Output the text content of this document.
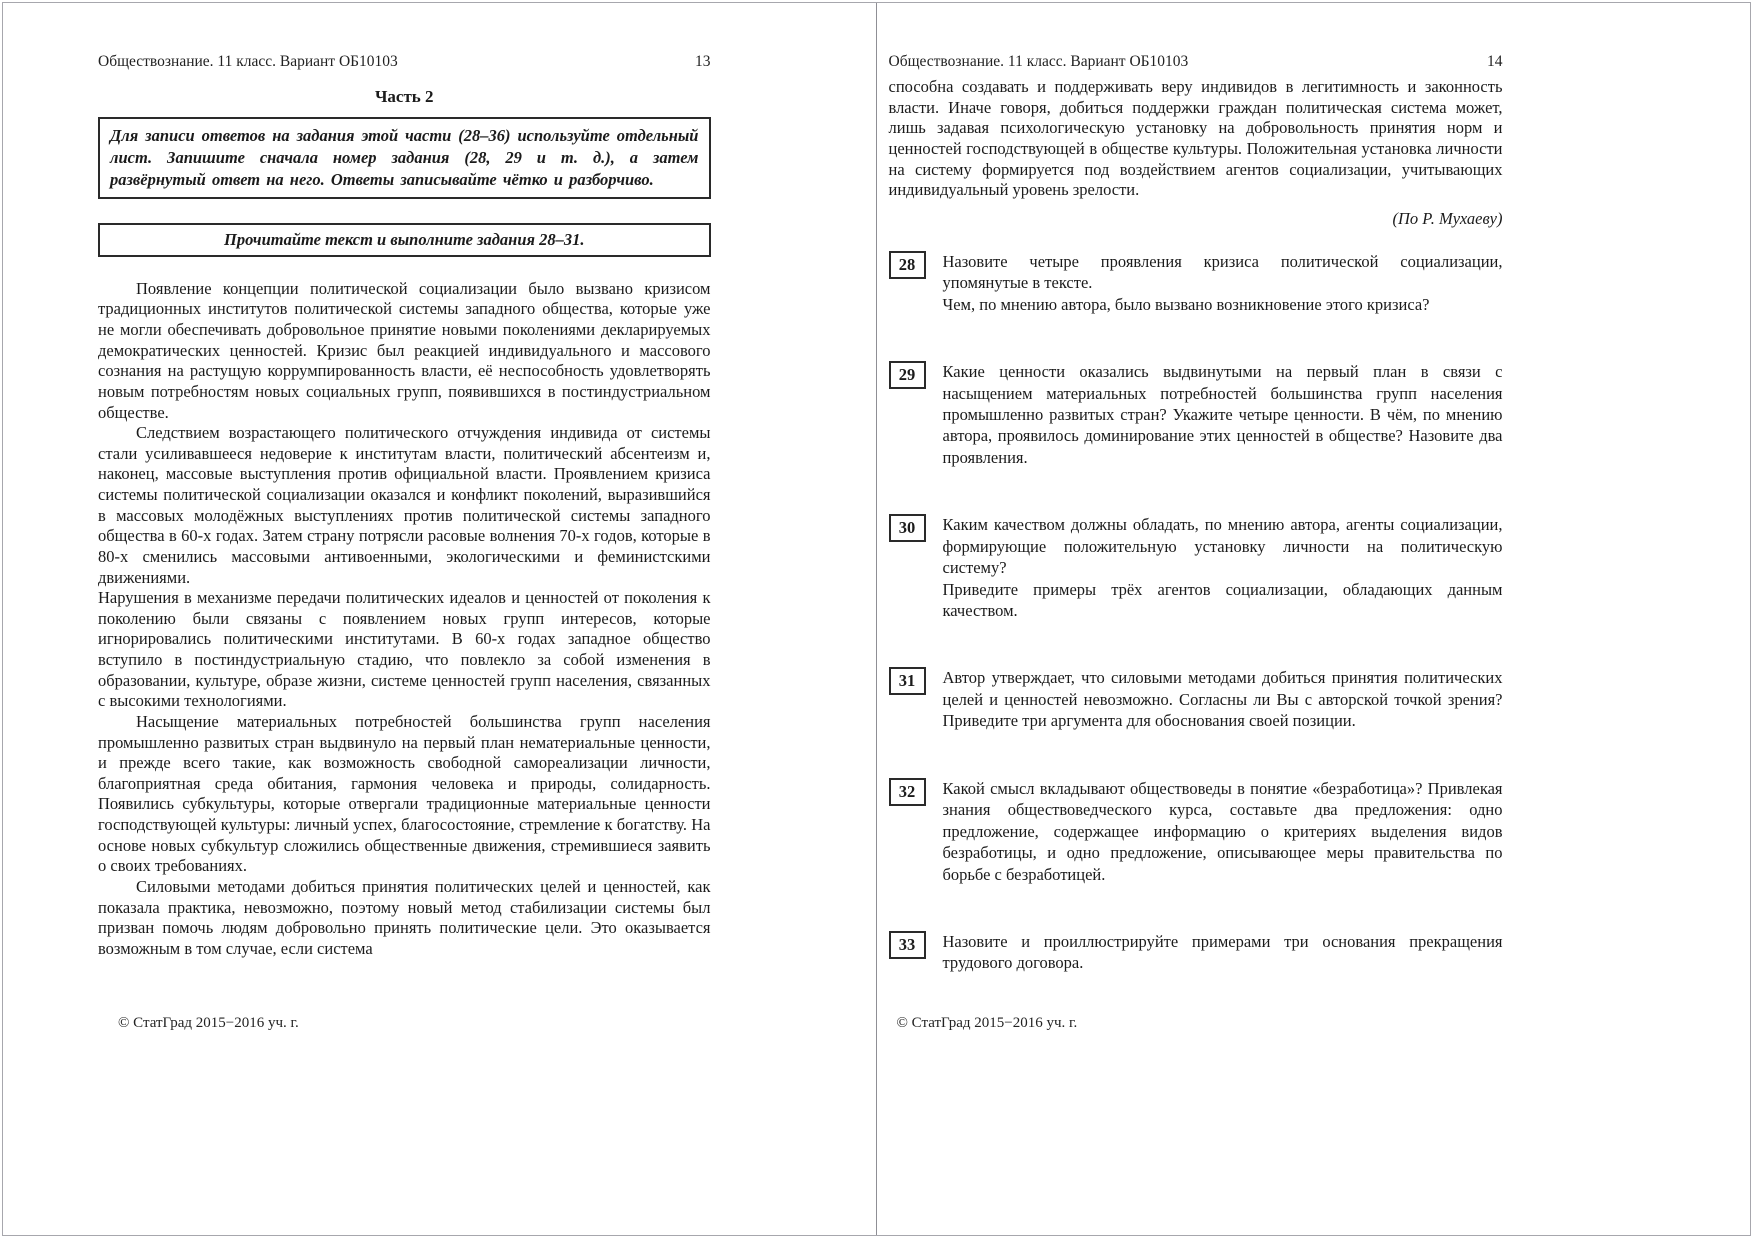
Обществознание. 11 класс. Вариант ОБ10103	13
Часть 2

Для записи ответов на задания этой части (28–36) используйте отдельный лист. Запишите сначала номер задания (28, 29 и т. д.), а затем развёрнутый ответ на него. Ответы записывайте чётко и разборчиво.

Прочитайте текст и выполните задания 28–31.

Появление концепции политической социализации было вызвано кризисом традиционных институтов политической системы западного общества, которые уже не могли обеспечивать добровольное принятие новыми поколениями декларируемых демократических ценностей. Кризис был реакцией индивидуального и массового сознания на растущую коррумпированность власти, её неспособность удовлетворять новым потребностям новых социальных групп, появившихся в постиндустриальном обществе.

Следствием возрастающего политического отчуждения индивида от системы стали усиливавшееся недоверие к институтам власти, политический абсентеизм и, наконец, массовые выступления против официальной власти. Проявлением кризиса системы политической социализации оказался и конфликт поколений, выразившийся в массовых молодёжных выступлениях против политической системы западного общества в 60-х годах. Затем страну потрясли расовые волнения 70-х годов, которые в 80-х сменились массовыми антивоенными, экологическими и феминистскими движениями.

Нарушения в механизме передачи политических идеалов и ценностей от поколения к поколению были связаны с появлением новых групп интересов, которые игнорировались политическими институтами. В 60-х годах западное общество вступило в постиндустриальную стадию, что повлекло за собой изменения в образовании, культуре, образе жизни, системе ценностей групп населения, связанных с высокими технологиями.

Насыщение материальных потребностей большинства групп населения промышленно развитых стран выдвинуло на первый план нематериальные ценности, и прежде всего такие, как возможность свободной самореализации личности, благоприятная среда обитания, гармония человека и природы, солидарность. Появились субкультуры, которые отвергали традиционные материальные ценности господствующей культуры: личный успех, благосостояние, стремление к богатству. На основе новых субкультур сложились общественные движения, стремившиеся заявить о своих требованиях.

Силовыми методами добиться принятия политических целей и ценностей, как показала практика, невозможно, поэтому новый метод стабилизации системы был призван помочь людям добровольно принять политические цели. Это оказывается возможным в том случае, если система

© СтатГрад 2015−2016 уч. г.
Обществознание. 11 класс. Вариант ОБ10103	14

способна создавать и поддерживать веру индивидов в легитимность и законность власти. Иначе говоря, добиться поддержки граждан политическая система может, лишь задавая психологическую установку на добровольность принятия норм и ценностей господствующей в обществе культуры. Положительная установка личности на систему формируется под воздействием агентов социализации, учитывающих индивидуальный уровень зрелости.

(По Р. Мухаеву)
28	Назовите четыре проявления кризиса политической социализации, упомянутые в тексте.

Чем, по мнению автора, было вызвано возникновение этого кризиса?

29	Какие ценности оказались выдвинутыми на первый план в связи с насыщением материальных потребностей большинства групп населения промышленно развитых стран? Укажите четыре ценности. В чём, по мнению автора, проявилось доминирование этих ценностей в обществе? Назовите два проявления.

30	Каким качеством должны обладать, по мнению автора, агенты социализации, формирующие положительную установку личности на политическую систему?

Приведите примеры трёх агентов социализации, обладающих данным качеством.

31	Автор утверждает, что силовыми методами добиться принятия политических целей и ценностей невозможно. Согласны ли Вы с авторской точкой зрения? Приведите три аргумента для обоснования своей позиции.

32	Какой смысл вкладывают обществоведы в понятие «безработица»? Привлекая знания обществоведческого курса, составьте два предложения: одно предложение, содержащее информацию о критериях выделения видов безработицы, и одно предложение, описывающее меры правительства по борьбе с безработицей.

33	Назовите и проиллюстрируйте примерами три основания прекращения трудового договора.

© СтатГрад 2015−2016 уч. г.
